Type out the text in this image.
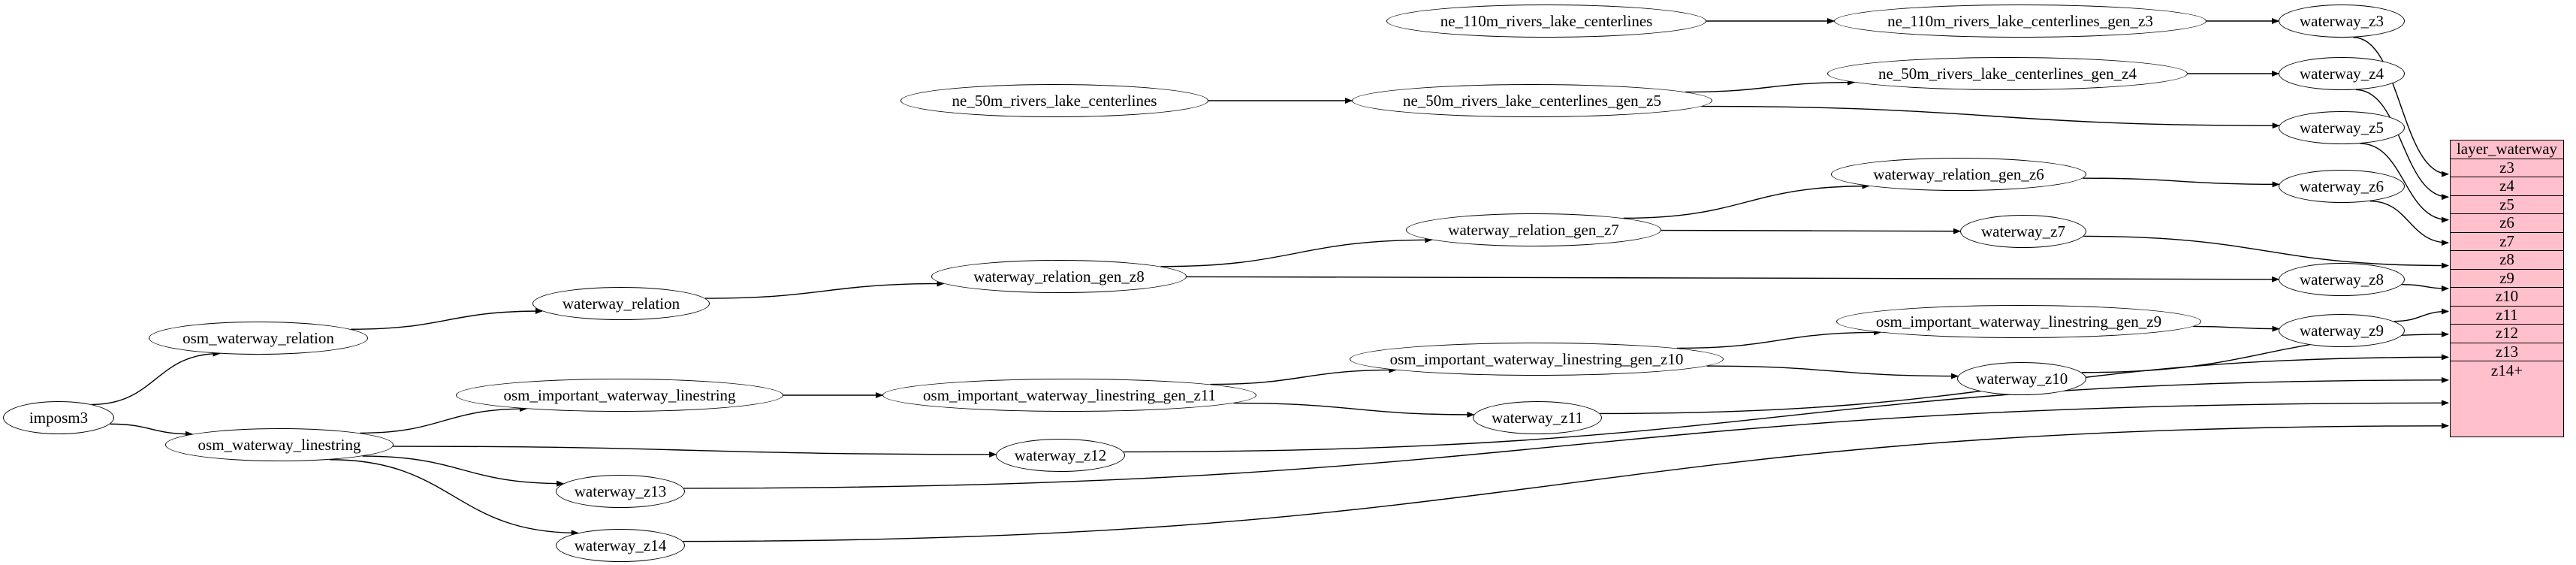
imposm3
osm_waterway_relation
osm_waterway_linestring
waterway_relation
osm_important_waterway_linestring	osm_important_waterway_linestring_gen_z11
osm_important_waterway_linestring_gen_z10
osm_important_waterway_linestring_gen_z9
waterway_relation_gen_z8
waterway_relation_gen_z7
waterway_relation_gen_z6
ne_110m_rivers_lake_centerlines	ne_110m_rivers_lake_centerlines_gen_z3
ne_50m_rivers_lake_centerlines	ne_50m_rivers_lake_centerlines_gen_z5
ne_50m_rivers_lake_centerlines_gen_z4
waterway_z3
waterway_z4
waterway_z5
waterway_z6
waterway_z7
waterway_z8
waterway_z9
waterway_z10
waterway_z11
waterway_z12
waterway_z13
waterway_z14
layer_waterway
z3
z4
z5
z6
z7
z8
z9
z10
z11
z12
z13
z14+
